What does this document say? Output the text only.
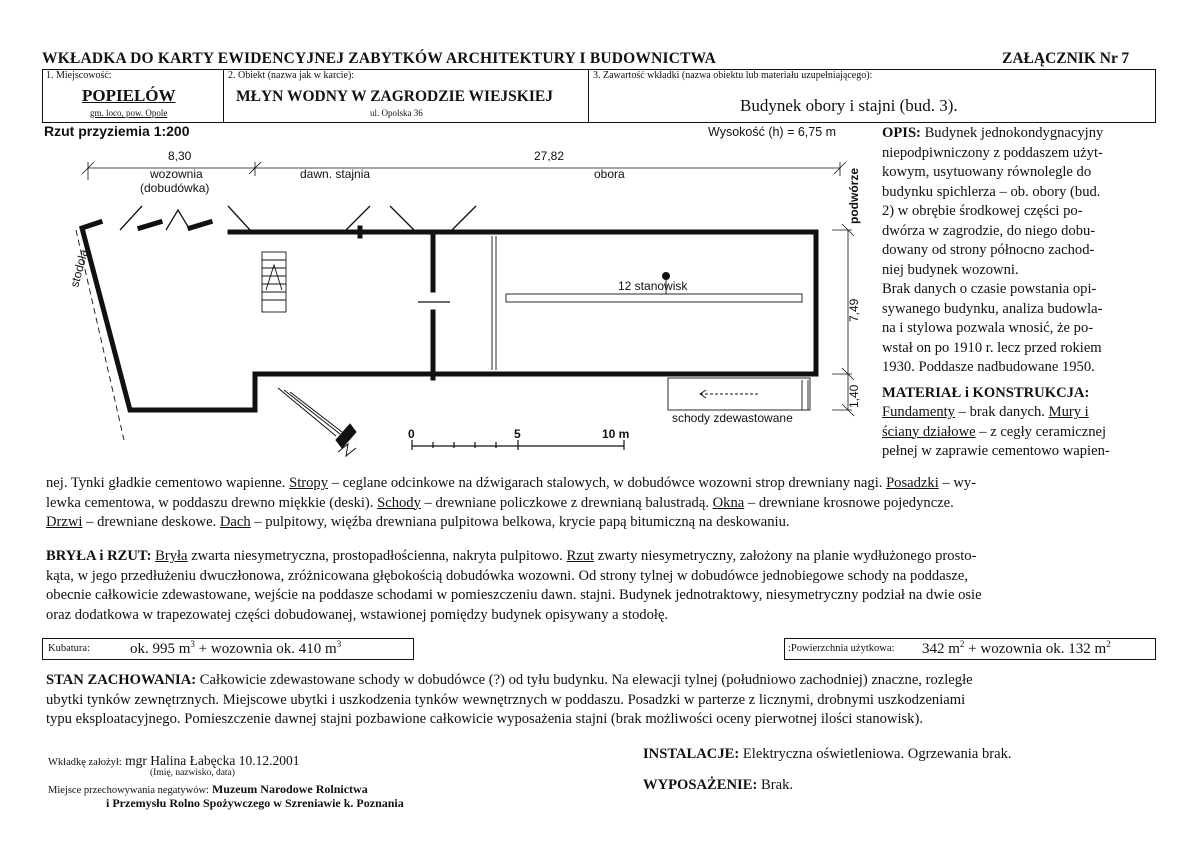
WKŁADKA DO KARTY EWIDENCYJNEJ ZABYTKÓW ARCHITEKTURY I BUDOWNICTWA	ZAŁĄCZNIK Nr 7
1. Miejscowość:
POPIELÓW
gm. loco, pow. Opole
2. Obiekt (nazwa jak w karcie):
MŁYN WODNY W ZAGRODZIE WIEJSKIEJ
ul. Opolska 36
3. Zawartość wkładki (nazwa obiektu lub materiału uzupełniającego):
Budynek obory i stajni (bud. 3).
Rzut przyziemia 1:200	Wysokość (h) = 6,75 m
8,30	27,82
wozownia
(dobudówka)
dawn. stajnia	obora	podwórze
stodoła	12 stanowisk
7,49
1,40
schody zdewastowane
0	5	10 m
OPIS: Budynek jednokondygnacyjny
niepodpiwniczony z poddaszem użyt-
kowym, usytuowany równolegle do
budynku spichlerza – ob. obory (bud.
2) w obrębie środkowej części po-
dwórza w zagrodzie, do niego dobu-
dowany od strony północno zachod-
niej budynek wozowni.
Brak danych o czasie powstania opi-
sywanego budynku, analiza budowla-
na i stylowa pozwala wnosić, że po-
wstał on po 1910 r. lecz przed rokiem
1930. Poddasze nadbudowane 1950.
MATERIAŁ i KONSTRUKCJA:
Fundamenty – brak danych. Mury i
ściany działowe – z cegły ceramicznej
pełnej w zaprawie cementowo wapien-
nej. Tynki gładkie cementowo wapienne. Stropy – ceglane odcinkowe na dźwigarach stalowych, w dobudówce wozowni strop drewniany nagi. Posadzki – wy-
lewka cementowa, w poddaszu drewno miękkie (deski). Schody – drewniane policzkowe z drewnianą balustradą. Okna – drewniane krosnowe pojedyncze.
Drzwi – drewniane deskowe. Dach – pulpitowy, więźba drewniana pulpitowa belkowa, krycie papą bitumiczną na deskowaniu.
BRYŁA i RZUT: Bryła zwarta niesymetryczna, prostopadłościenna, nakryta pulpitowo. Rzut zwarty niesymetryczny, założony na planie wydłużonego prosto-
kąta, w jego przedłużeniu dwuczłonowa, zróżnicowana głębokością dobudówka wozowni. Od strony tylnej w dobudówce jednobiegowe schody na poddasze,
obecnie całkowicie zdewastowane, wejście na poddasze schodami w pomieszczeniu dawn. stajni. Budynek jednotraktowy, niesymetryczny podział na dwie osie
oraz dodatkowa w trapezowatej części dobudowanej, wstawionej pomiędzy budynek opisywany a stodołę.
Kubatura:	ok. 995 $m^3$ + wozownia ok. 410 $m^3$	:Powierzchnia użytkowa: 342 $m^2$ + wozownia ok. 132 $m^2$
STAN ZACHOWANIA: Całkowicie zdewastowane schody w dobudówce (?) od tyłu budynku. Na elewacji tylnej (południowo zachodniej) znaczne, rozległe
ubytki tynków zewnętrznych. Miejscowe ubytki i uszkodzenia tynków wewnętrznych w poddaszu. Posadzki w parterze z licznymi, drobnymi uszkodzeniami
typu eksploatacyjnego. Pomieszczenie dawnej stajni pozbawione całkowicie wyposażenia stajni (brak możliwości oceny pierwotnej ilości stanowisk).
Wkładkę założył: mgr Halina Łabęcka 10.12.2001
(Imię, nazwisko, data)
Miejsce przechowywania negatywów: Muzeum Narodowe Rolnictwa
i Przemysłu Rolno Spożywczego w Szreniawie k. Poznania
INSTALACJE: Elektryczna oświetleniowa. Ogrzewania brak.
WYPOSAŻENIE: Brak.
